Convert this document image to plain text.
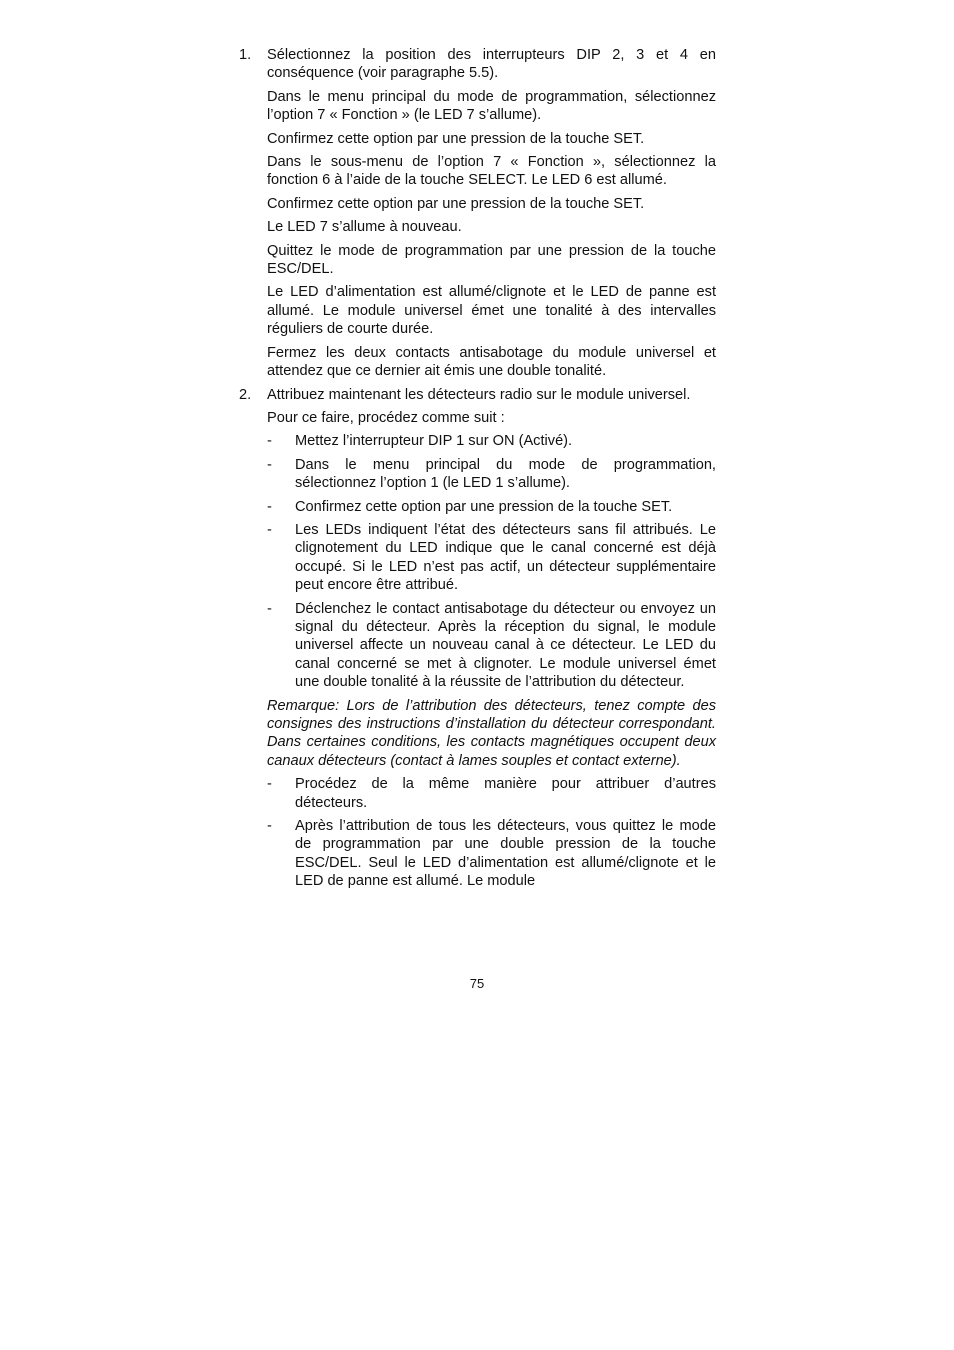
1. Sélectionnez la position des interrupteurs DIP 2, 3 et 4 en conséquence (voir paragraphe 5.5).

Dans le menu principal du mode de programmation, sélectionnez l’option 7 « Fonction » (le LED 7 s’allume).

Confirmez cette option par une pression de la touche SET.

Dans le sous-menu de l’option 7 « Fonction », sélectionnez la fonction 6 à l’aide de la touche SELECT. Le LED 6 est allumé.

Confirmez cette option par une pression de la touche SET.

Le LED 7 s’allume à nouveau.

Quittez le mode de programmation par une pression de la touche ESC/DEL.

Le LED d’alimentation est allumé/clignote et le LED de panne est allumé. Le module universel émet une tonalité à des intervalles réguliers de courte durée.

Fermez les deux contacts antisabotage du module universel et attendez que ce dernier ait émis une double tonalité.

2. Attribuez maintenant les détecteurs radio sur le module universel.

Pour ce faire, procédez comme suit :

- Mettez l’interrupteur DIP 1 sur ON (Activé).
- Dans le menu principal du mode de programmation, sélectionnez l’option 1 (le LED 1 s’allume).
- Confirmez cette option par une pression de la touche SET.
- Les LEDs indiquent l’état des détecteurs sans fil attribués. Le clignotement du LED indique que le canal concerné est déjà occupé. Si le LED n’est pas actif, un détecteur supplémentaire peut encore être attribué.
- Déclenchez le contact antisabotage du détecteur ou envoyez un signal du détecteur. Après la réception du signal, le module universel affecte un nouveau canal à ce détecteur. Le LED du canal concerné se met à clignoter. Le module universel émet une double tonalité à la réussite de l’attribution du détecteur.

Remarque: Lors de l’attribution des détecteurs, tenez compte des consignes des instructions d’installation du détecteur correspondant. Dans certaines conditions, les contacts magnétiques occupent deux canaux détecteurs (contact à lames souples et contact externe).

- Procédez de la même manière pour attribuer d’autres détecteurs.
- Après l’attribution de tous les détecteurs, vous quittez le mode de programmation par une double pression de la touche ESC/DEL. Seul le LED d’alimentation est allumé/clignote et le LED de panne est allumé. Le module
75
